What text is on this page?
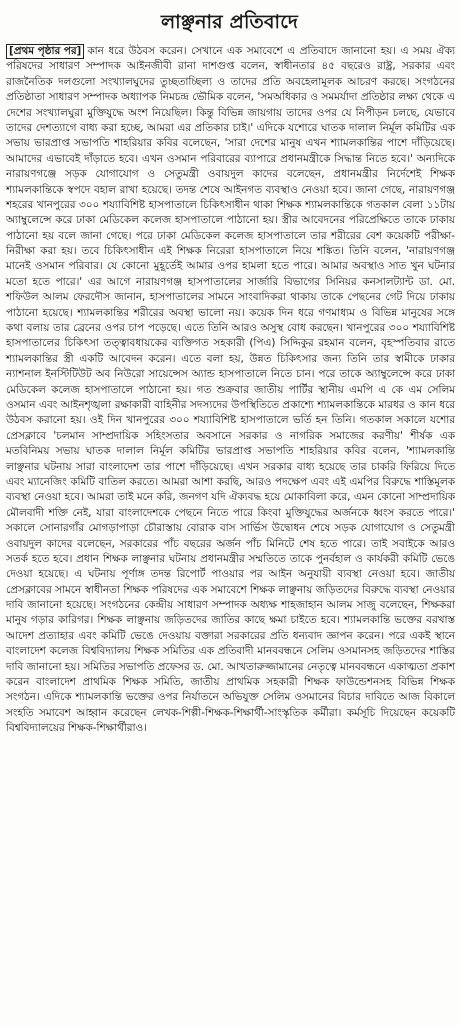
লাঞ্ছনার প্রতিবাদে
[প্রথম পৃষ্ঠার পর] কান ধরে উঠবস করেন। সেখানে এক সমাবেশে এ প্রতিবাদে জানানো হয়। এ সময় ঐক্য পরিষদের সাধারণ সম্পাদক আইনজীবী রানা দাশগুপ্ত বলেন, স্বাধীনতার ৪৫ বছরেও রাষ্ট্র, সরকার এবং রাজনৈতিক দলগুলো সংখ্যালঘুদের তুচ্ছতাচ্ছিল্য ও তাদের প্রতি অবহেলামূলক আচরণ করছে। সংগঠনের প্রতিষ্ঠাতা সাধারণ সম্পাদক অধ্যাপক নিমচন্দ্র ভৌমিক বলেন, 'সমঅধিকার ও সমমর্যাদা প্রতিষ্ঠার লক্ষ্য থেকে এ দেশের সংখ্যালঘুরা মুক্তিযুদ্ধে অংশ নিয়েছিল। কিন্তু বিভিন্ন জায়গায় তাদের ওপর যে নিপীড়ন চলছে, যেভাবে তাদের দেশত্যাগে বাধ্য করা হচ্ছে, আমরা এর প্রতিকার চাই।' এদিকে যশোরে ঘাতক দালাল নির্মূল কমিটির এক সভায় ভারপ্রাপ্ত সভাপতি শাহরিয়ার কবির বলেছেন, 'সারা দেশের মানুষ এখন শ্যামলকান্তির পাশে দাঁড়িয়েছে। আমাদের এভাবেই দাঁড়াতে হবে। এখন ওসমান পরিবারের ব্যাপারে প্রধানমন্ত্রীকে সিদ্ধান্ত নিতে হবে।' অন্যদিকে নারায়ণগঞ্জে সড়ক যোগাযোগ ও সেতুমন্ত্রী ওবায়দুল কাদের বলেছেন, প্রধানমন্ত্রীর নির্দেশেই শিক্ষক শ্যামলকান্তিকে স্বপদে বহাল রাখা হয়েছে। তদন্ত শেষে আইনগত ব্যবস্থাও নেওয়া হবে। জানা গেছে, নারায়ণগঞ্জ শহরের খানপুরের ৩০০ শয্যাবিশিষ্ট হাসপাতালে চিকিৎসাধীন থাকা শিক্ষক শ্যামলকান্তিকে গতকাল বেলা ১১টায় অ্যাম্বুলেন্সে করে ঢাকা মেডিকেল কলেজ হাসপাতালে পাঠানো হয়। স্ত্রীর আবেদনের পরিপ্রেক্ষিতে তাকে ঢাকায় পাঠানো হয় বলে জানা গেছে। পরে ঢাকা মেডিকেল কলেজ হাসপাতালে তার শরীরের বেশ কয়েকটি পরীক্ষা-নিরীক্ষা করা হয়। তবে চিকিৎসাধীন এই শিক্ষক নিরেরা হাসপাতালে নিয়ে শঙ্কিত। তিনি বলেন, 'নারায়ণগঞ্জ মানেই ওসমান পরিবার। যে কোনো মুহূর্তেই আমার ওপর হামলা হতে পারে। আমার অবস্থাও সাত খুন ঘটনার মতো হতে পারে।' এর আগে নারায়ণগঞ্জ হাসপাতালের সার্জারি বিভাগের সিনিয়র কনসালট্যান্ট ডা. মো. শফিউল আলম ফেরদৌস জানান, হাসপাতালের সামনে সাংবাদিকরা থাকায় তাকে পেছনের গেট দিয়ে ঢাকায় পাঠানো হয়েছে। শ্যামলকান্তির শরীরের অবস্থা ভালো নয়। কয়েক দিন ধরে গণমাধ্যম ও বিভিন্ন মানুষের সঙ্গে কথা বলায় তার ব্রেনের ওপর চাপ পড়েছে। এতে তিনি আরও অসুস্থ বোধ করছেন। খানপুরের ৩০০ শয্যাবিশিষ্ট হাসপাতালের চিকিৎসা তত্ত্বাবধায়কের ব্যক্তিগত সহকারী (পিএ) সিদ্দিকুর রহমান বলেন, বৃহস্পতিবার রাতে শ্যামলকান্তির স্ত্রী একটি আবেদন করেন। এতে বলা হয়, উন্নত চিকিৎসার জন্য তিনি তার স্বামীকে ঢাকার ন্যাশনাল ইনস্টিটিউট অব নিউরো সায়েন্সেস অ্যান্ড হাসপাতালে নিতে চান। পরে তাকে অ্যাম্বুলেন্সে করে ঢাকা মেডিকেল কলেজ হাসপাতালে পাঠানো হয়। গত শুক্রবার জাতীয় পার্টির স্থানীয় এমপি এ কে এম সেলিম ওসমান এবং আইনশৃঙ্খলা রক্ষাকারী বাহিনীর সদস্যদের উপস্থিতিতে প্রকাশ্যে শ্যামলকান্তিকে মারধর ও কান ধরে উঠবস করানো হয়। ওই দিন খানপুরের ৩০০ শয্যাবিশিষ্ট হাসপাতালে ভর্তি হন তিনি। গতকাল সকালে যশোর প্রেসক্লাবে 'চলমান সাম্প্রদায়িক সহিংসতার অবসানে সরকার ও নাগরিক সমাজের করণীয়' শীর্ষক এক মতবিনিময় সভায় ঘাতক দালাল নির্মূল কমিটির ভারপ্রাপ্ত সভাপতি শাহরিয়ার কবির বলেন, 'শ্যামলকান্তি লাঞ্ছনার ঘটনায় সারা বাংলাদেশ তার পাশে দাঁড়িয়েছে। এখন সরকার বাধ্য হয়েছে তার চাকরি ফিরিয়ে দিতে এবং ম্যানেজিং কমিটি বাতিল করতে। আমরা আশা করছি, আরও পদক্ষেপ এবং এই এমপির বিরুদ্ধে শাস্তিমূলক ব্যবস্থা নেওয়া হবে। আমরা তাই মনে করি, জনগণ যদি ঐক্যবদ্ধ হয়ে মোকাবিলা করে, এমন কোনো সাম্প্রদায়িক মৌলবাদী শক্তি নেই, যারা বাংলাদেশকে পেছনে নিতে পারে কিংবা মুক্তিযুদ্ধের অর্জনকে ধ্বংস করতে পারে।' সকালে সোনারগাঁর মোগড়াপাড়া চৌরাস্তায় বোরাক বাস সার্ভিস উদ্বোধন শেষে সড়ক যোগাযোগ ও সেতুমন্ত্রী ওবায়দুল কাদের বলেছেন, সরকারের পাঁচ বছরের অর্জন পাঁচ মিনিটে শেষ হতে পারে। তাই সবাইকে আরও সতর্ক হতে হবে। প্রধান শিক্ষক লাঞ্ছনার ঘটনায় প্রধানমন্ত্রীর সম্মতিতে তাকে পুনর্বহাল ও কার্যকরী কমিটি ভেঙে দেওয়া হয়েছে। এ ঘটনায় পূর্ণাঙ্গ তদন্ত রিপোর্ট পাওয়ার পর আইন অনুযায়ী ব্যবস্থা নেওয়া হবে। জাতীয় প্রেসক্লাবের সামনে স্বাধীনতা শিক্ষক পরিষদের এক সমাবেশে শিক্ষক লাঞ্ছনায় জড়িতদের বিরুদ্ধে ব্যবস্থা নেওয়ার দাবি জানানো হয়েছে। সংগঠনের কেন্দ্রীয় সাধারণ সম্পাদক অধ্যক্ষ শাহজাহান আলম সাজু বলেছেন, শিক্ষকরা মানুষ গড়ার কারিগর। শিক্ষক লাঞ্ছনায় জড়িতদের জাতির কাছে ক্ষমা চাইতে হবে। শ্যামলকান্তি ভক্তের বরখাস্ত আদেশ প্রত্যাহার এবং কমিটি ভেঙে দেওয়ায় বক্তারা সরকারের প্রতি ধন্যবাদ জ্ঞাপন করেন। পরে একই স্থানে বাংলাদেশ কলেজ বিশ্ববিদ্যালয় শিক্ষক সমিতির এক প্রতিবাদী মানববন্ধনে সেলিম ওসমানসহ জড়িতদের শাস্তির দাবি জানানো হয়। সমিতির সভাপতি প্রফেসর ড. মো. আখতারুজ্জামানের নেতৃত্বে মানববন্ধনে একাত্মতা প্রকাশ করেন বাংলাদেশ প্রাথমিক শিক্ষক সমিতি, জাতীয় প্রাথমিক সহকারী শিক্ষক ফাউন্ডেশনসহ বিভিন্ন শিক্ষক সংগঠন। এদিকে শ্যামলকান্তি ভক্তের ওপর নির্যাতনে অভিযুক্ত সেলিম ওসমানের বিচার দাবিতে আজ বিকালে সংহতি সমাবেশ আহ্বান করেছেন লেখক-শিল্পী-শিক্ষক-শিক্ষার্থী-সাংস্কৃতিক কর্মীরা। কর্মসূচি দিয়েছেন কয়েকটি বিশ্ববিদ্যালয়ের শিক্ষক-শিক্ষার্থীরাও।
